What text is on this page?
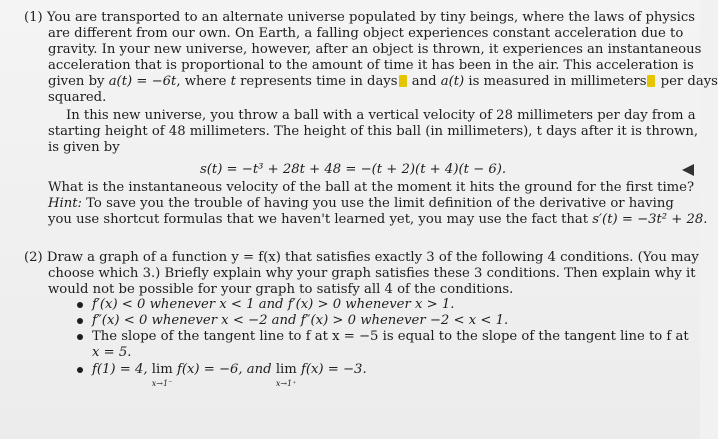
(1) You are transported to an alternate universe populated by tiny beings, where the laws of physics
are different from our own. On Earth, a falling object experiences constant acceleration due to
gravity. In your new universe, however, after an object is thrown, it experiences an instantaneous
acceleration that is proportional to the amount of time it has been in the air. This acceleration is
given by a(t) = −6t, where t represents time in days and a(t) is measured in millimeters per days
squared.
In this new universe, you throw a ball with a vertical velocity of 28 millimeters per day from a
starting height of 48 millimeters. The height of this ball (in millimeters), t days after it is thrown,
is given by
s(t) = −t³ + 28t + 48 = −(t + 2)(t + 4)(t − 6).
What is the instantaneous velocity of the ball at the moment it hits the ground for the first time?
Hint: To save you the trouble of having you use the limit definition of the derivative or having
you use shortcut formulas that we haven't learned yet, you may use the fact that s′(t) = −3t² + 28.
(2) Draw a graph of a function y = f(x) that satisfies exactly 3 of the following 4 conditions. (You may
choose which 3.) Briefly explain why your graph satisfies these 3 conditions. Then explain why it
would not be possible for your graph to satisfy all 4 of the conditions.
f′(x) < 0 whenever x < 1 and f′(x) > 0 whenever x > 1.
f″(x) < 0 whenever x < −2 and f″(x) > 0 whenever −2 < x < 1.
The slope of the tangent line to f at x = −5 is equal to the slope of the tangent line to f at
x = 5.
f(1) = 4, lim
x→1⁻
f(x) = −6, and lim
x→1⁺
f(x) = −3.
